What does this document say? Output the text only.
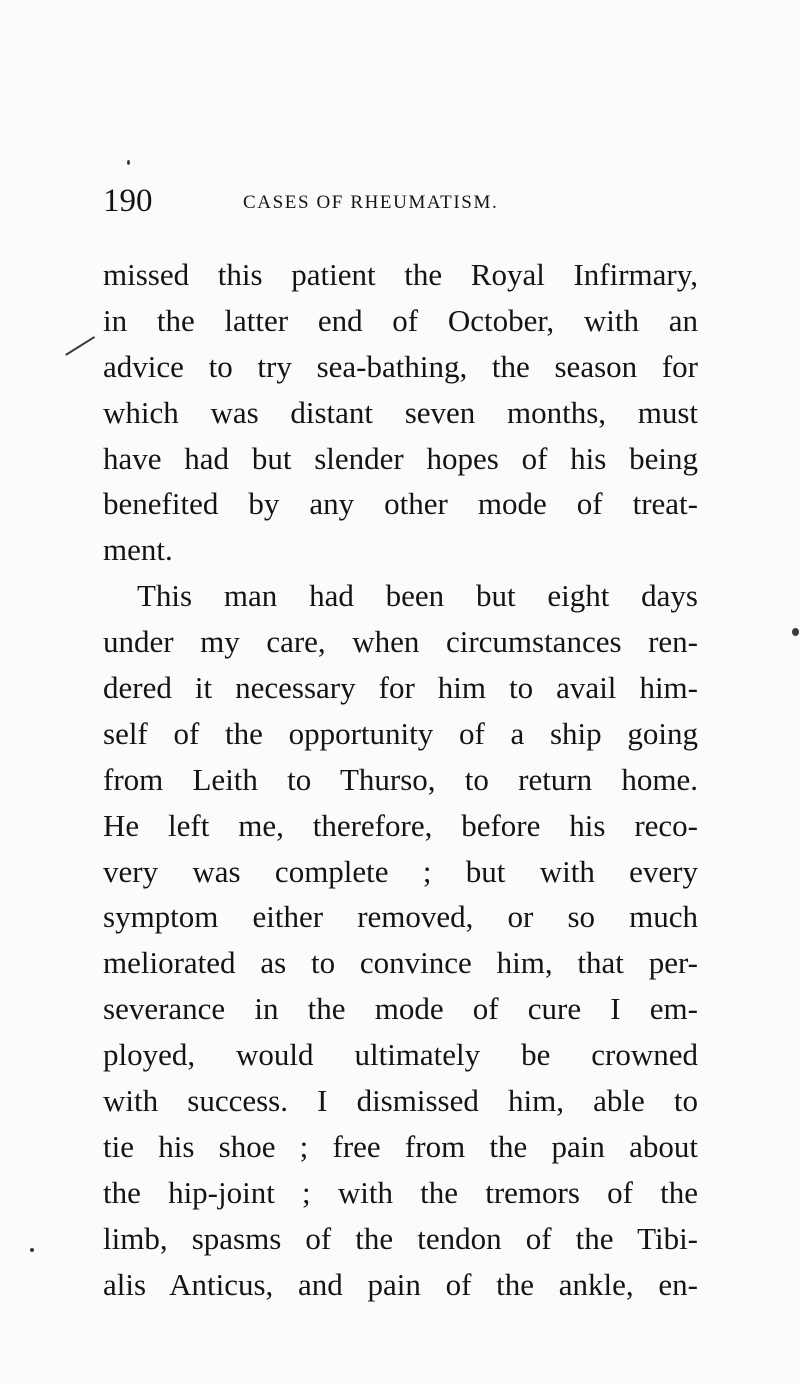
190	CASES OF RHEUMATISM.
missed this patient the Royal Infirmary,
in the latter end of October, with an
advice to try sea-bathing, the season for
which was distant seven months, must
have had but slender hopes of his being
benefited by any other mode of treat-
ment.
This man had been but eight days
under my care, when circumstances ren-
dered it necessary for him to avail him-
self of the opportunity of a ship going
from Leith to Thurso, to return home.
He left me, therefore, before his reco-
very was complete ; but with every
symptom either removed, or so much
meliorated as to convince him, that per-
severance in the mode of cure I em-
ployed, would ultimately be crowned
with success. I dismissed him, able to
tie his shoe ; free from the pain about
the hip-joint ; with the tremors of the
limb, spasms of the tendon of the Tibi-
alis Anticus, and pain of the ankle, en-
